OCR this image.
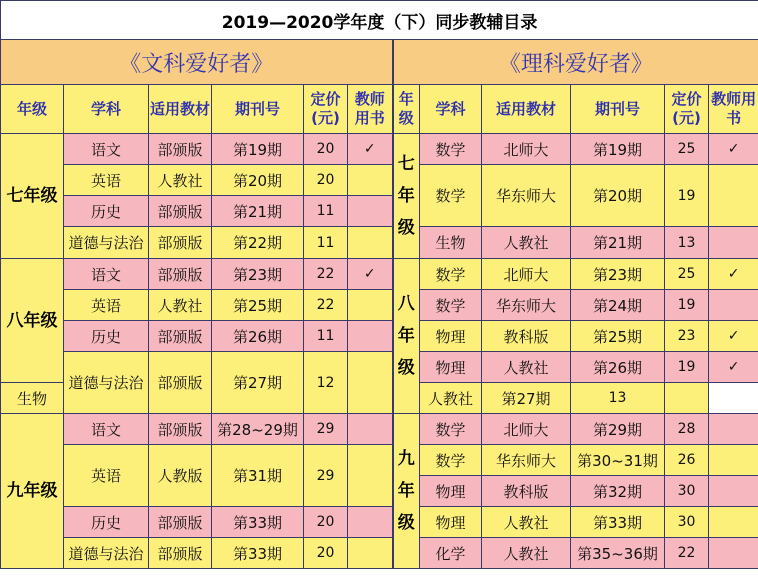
2019—2020学年度（下）同步教辅目录											
《文科爱好者》						《理科爱好者》					
年级	学科	适用教材	期刊号	定价(元)	教师用书	年级	学科	适用教材	期刊号	定价(元)	教师用书
七年级	语文	部颁版	第19期	20	✓	七年级	数学	北师大	第19期	25	✓
	英语	人教社	第20期	20			数学	华东师大	第20期	19	
	历史	部颁版	第21期	11							
	道德与法治	部颁版	第22期	11			生物	人教社	第21期	13	
八年级	语文	部颁版	第23期	22	✓	八年级	数学	北师大	第23期	25	✓
	英语	人教社	第25期	22			数学	华东师大	第24期	19	
	历史	部颁版	第26期	11			物理	教科版	第25期	23	✓
	道德与法治	部颁版	第27期	12			物理	人教社	第26期	19	✓
生物							人教社	第27期	13		
九年级	语文	部颁版	第28~29期	29		九年级	数学	北师大	第29期	28	
	英语	人教版	第31期	29			数学	华东师大	第30~31期	26	
							物理	教科版	第32期	30	
	历史	部颁版	第33期	20			物理	人教社	第33期	30	
	道德与法治	部颁版	第33期	20			化学	人教社	第35~36期	22	
